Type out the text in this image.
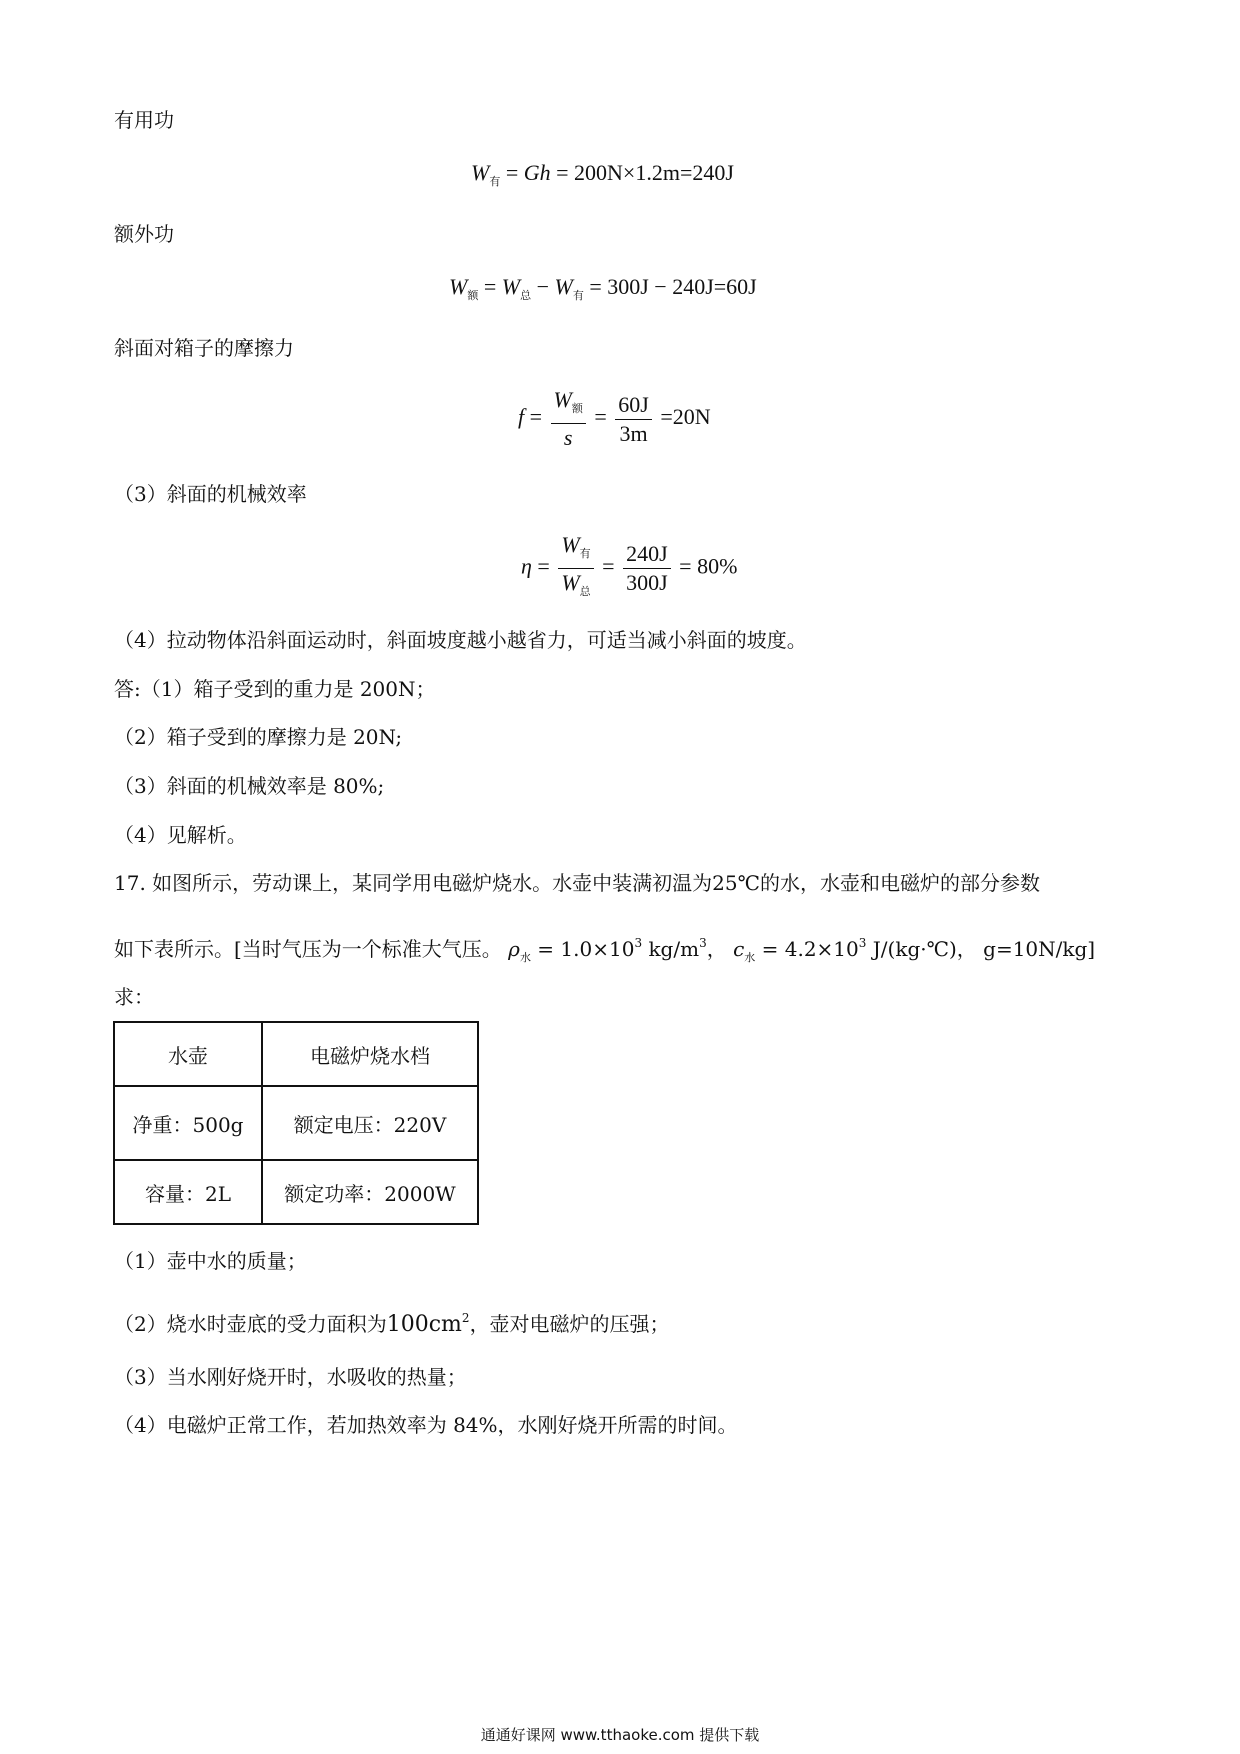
有用功
$W_有 = Gh = 200N\times 1.2m=240J$
额外功
$W_额 = W_总 - W_有 = 300J - 240J=60J$
斜面对箱子的摩擦力
$f = \frac{W_额}{s} = \frac{60J}{3m} =20N$
（3）斜面的机械效率
$\eta = \frac{W_有}{W_总} = \frac{240J}{300J} = 80\%$
（4）拉动物体沿斜面运动时，斜面坡度越小越省力，可适当减小斜面的坡度。
答:（1）箱子受到的重力是 200N；
（2）箱子受到的摩擦力是 20N;
（3）斜面的机械效率是 80%;
（4）见解析。
17. 如图所示，劳动课上，某同学用电磁炉烧水。水壶中装满初温为25℃的水，水壶和电磁炉的部分参数
如下表所示。[当时气压为一个标准大气压。 $\rho_水 = 1.0\times 10^3$ $kg/m^3$， $c_水 = 4.2\times 10^3$ J/(kg·℃)， g=10N/kg]
求：
水壶	电磁炉烧水档
净重：500g	额定电压：220V
容量：2L	额定功率：2000W
（1）壶中水的质量；
（2）烧水时壶底的受力面积为$100cm^2$，壶对电磁炉的压强；
（3）当水刚好烧开时，水吸收的热量；
（4）电磁炉正常工作，若加热效率为 84%，水刚好烧开所需的时间。
通通好课网 www.tthaoke.com 提供下载
